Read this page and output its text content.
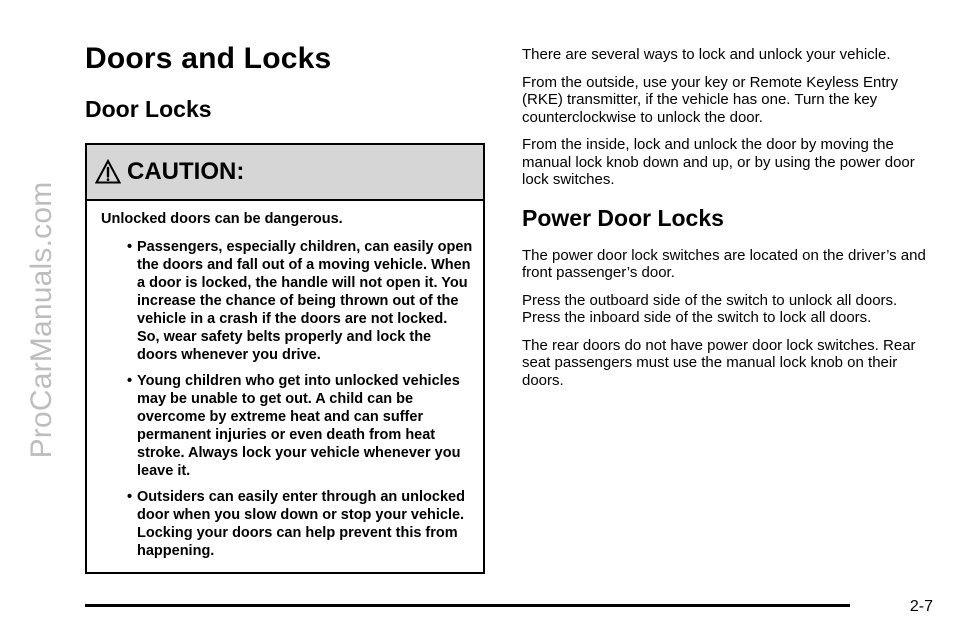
ProCarManuals.com
Doors and Locks
Door Locks
CAUTION:

Unlocked doors can be dangerous.

• Passengers, especially children, can easily open the doors and fall out of a moving vehicle. When a door is locked, the handle will not open it. You increase the chance of being thrown out of the vehicle in a crash if the doors are not locked. So, wear safety belts properly and lock the doors whenever you drive.
• Young children who get into unlocked vehicles may be unable to get out. A child can be overcome by extreme heat and can suffer permanent injuries or even death from heat stroke. Always lock your vehicle whenever you leave it.
• Outsiders can easily enter through an unlocked door when you slow down or stop your vehicle. Locking your doors can help prevent this from happening.

There are several ways to lock and unlock your vehicle.

From the outside, use your key or Remote Keyless Entry (RKE) transmitter, if the vehicle has one. Turn the key counterclockwise to unlock the door.

From the inside, lock and unlock the door by moving the manual lock knob down and up, or by using the power door lock switches.

Power Door Locks

The power door lock switches are located on the driver’s and front passenger’s door.

Press the outboard side of the switch to unlock all doors. Press the inboard side of the switch to lock all doors.

The rear doors do not have power door lock switches. Rear seat passengers must use the manual lock knob on their doors.

2-7
